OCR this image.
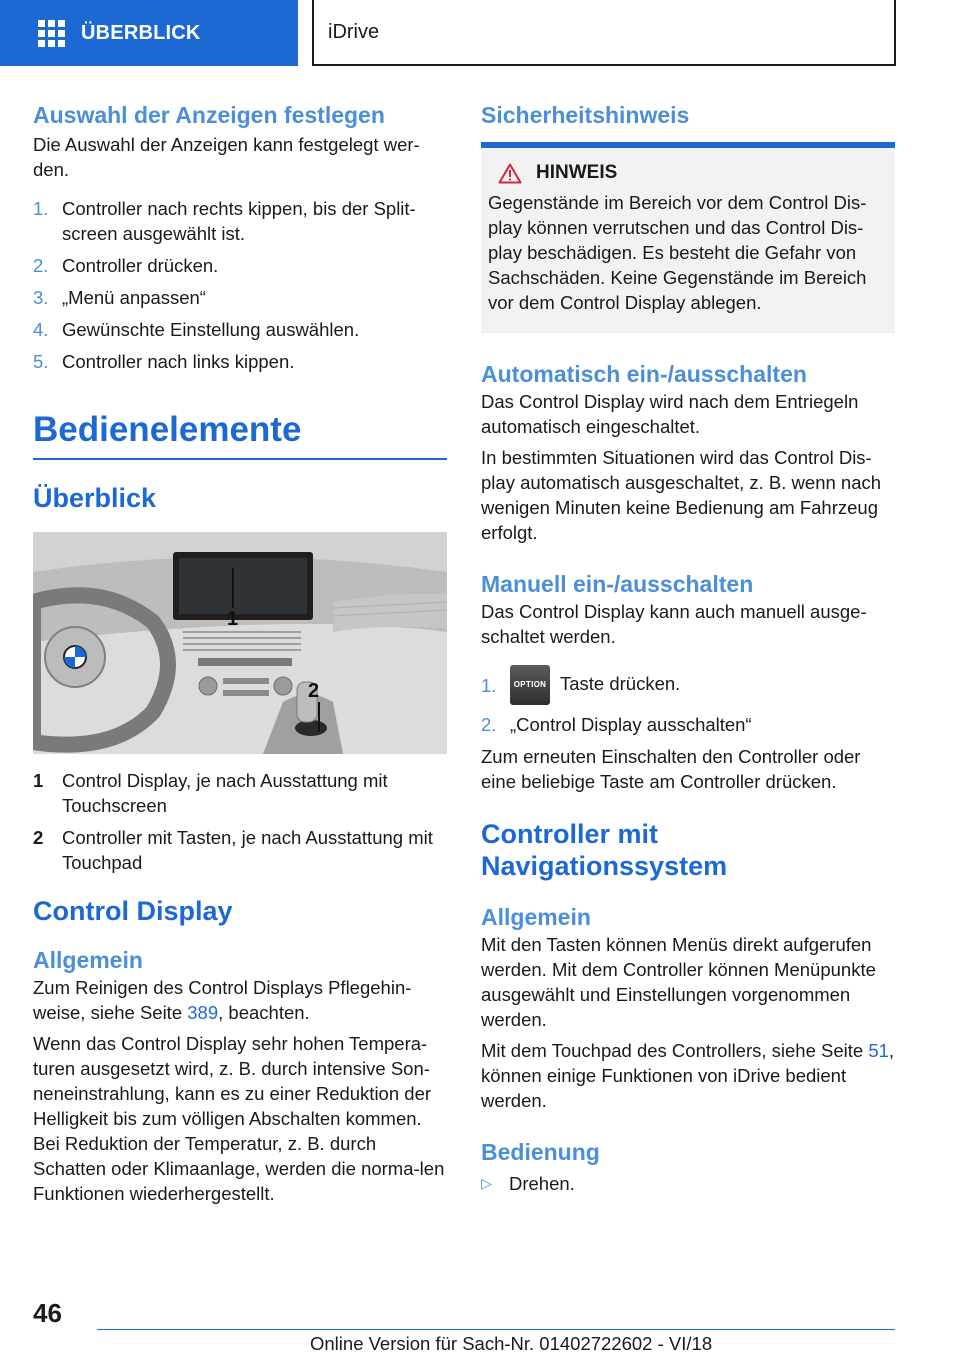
ÜBERBLICK	iDrive
Auswahl der Anzeigen festlegen

Die Auswahl der Anzeigen kann festgelegt wer-den.

1. Controller nach rechts kippen, bis der Split-screen ausgewählt ist.
2. Controller drücken.
3. „Menü anpassen“
4. Gewünschte Einstellung auswählen.
5. Controller nach links kippen.
Bedienelemente
Überblick
1
2
1	Control Display, je nach Ausstattung mit Touchscreen
2	Controller mit Tasten, je nach Ausstattung mit Touchpad
Control Display
Allgemein

Zum Reinigen des Control Displays Pflegehin-weise, siehe Seite 389, beachten.

Wenn das Control Display sehr hohen Tempera-turen ausgesetzt wird, z. B. durch intensive Son-neneinstrahlung, kann es zu einer Reduktion der Helligkeit bis zum völligen Abschalten kommen. Bei Reduktion der Temperatur, z. B. durch Schatten oder Klimaanlage, werden die norma-len Funktionen wiederhergestellt.

Sicherheitshinweis
HINWEIS

Gegenstände im Bereich vor dem Control Dis-play können verrutschen und das Control Dis-play beschädigen. Es besteht die Gefahr von Sachschäden. Keine Gegenstände im Bereich vor dem Control Display ablegen.

Automatisch ein-/ausschalten

Das Control Display wird nach dem Entriegeln automatisch eingeschaltet.

In bestimmten Situationen wird das Control Dis-play automatisch ausgeschaltet, z. B. wenn nach wenigen Minuten keine Bedienung am Fahrzeug erfolgt.

Manuell ein-/ausschalten

Das Control Display kann auch manuell ausge-schaltet werden.

1.	OPTION Taste drücken.
2. „Control Display ausschalten“

Zum erneuten Einschalten den Controller oder eine beliebige Taste am Controller drücken.

Controller mit Navigationssystem
Allgemein

Mit den Tasten können Menüs direkt aufgerufen werden. Mit dem Controller können Menüpunkte ausgewählt und Einstellungen vorgenommen werden.

Mit dem Touchpad des Controllers, siehe Seite 51, können einige Funktionen von iDrive bedient werden.

Bedienung
▷ Drehen.
46
Online Version für Sach-Nr. 01402722602 - VI/18
